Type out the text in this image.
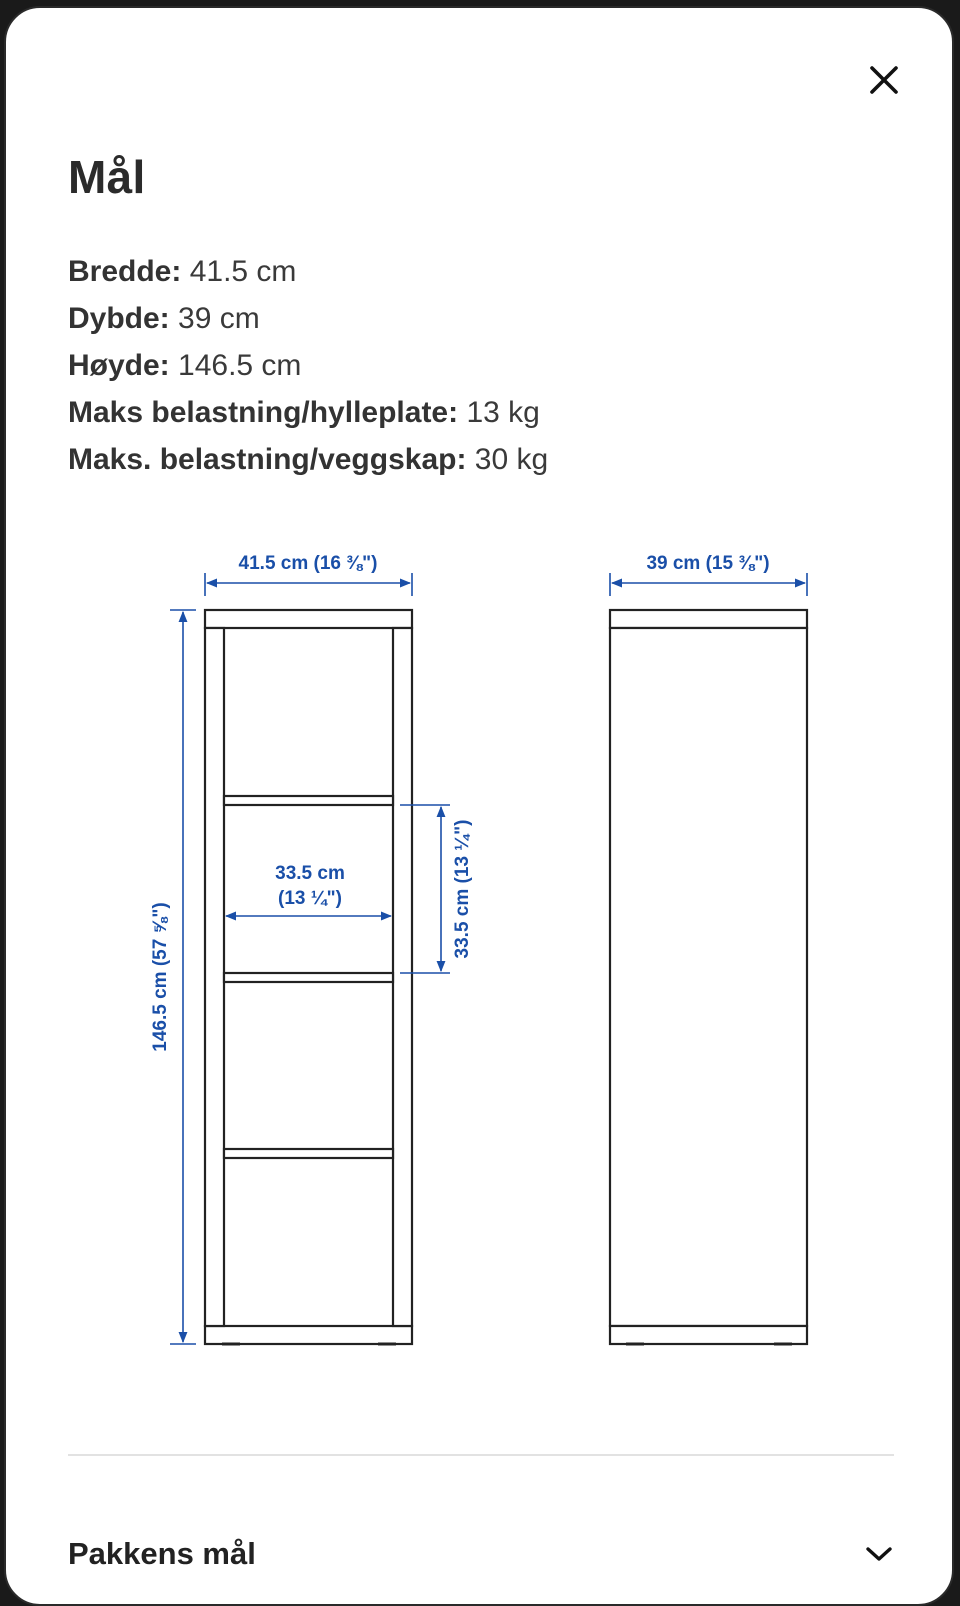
Mål
Bredde: 41.5 cm
Dybde: 39 cm
Høyde: 146.5 cm
Maks belastning/hylleplate: 13 kg
Maks. belastning/veggskap: 30 kg
41.5 cm (16 ⅜")	39 cm (15 ⅜")
146.5 cm (57 ⅝")
33.5 cm
(13 ¼")	33.5 cm (13 ¼")
Pakkens mål
